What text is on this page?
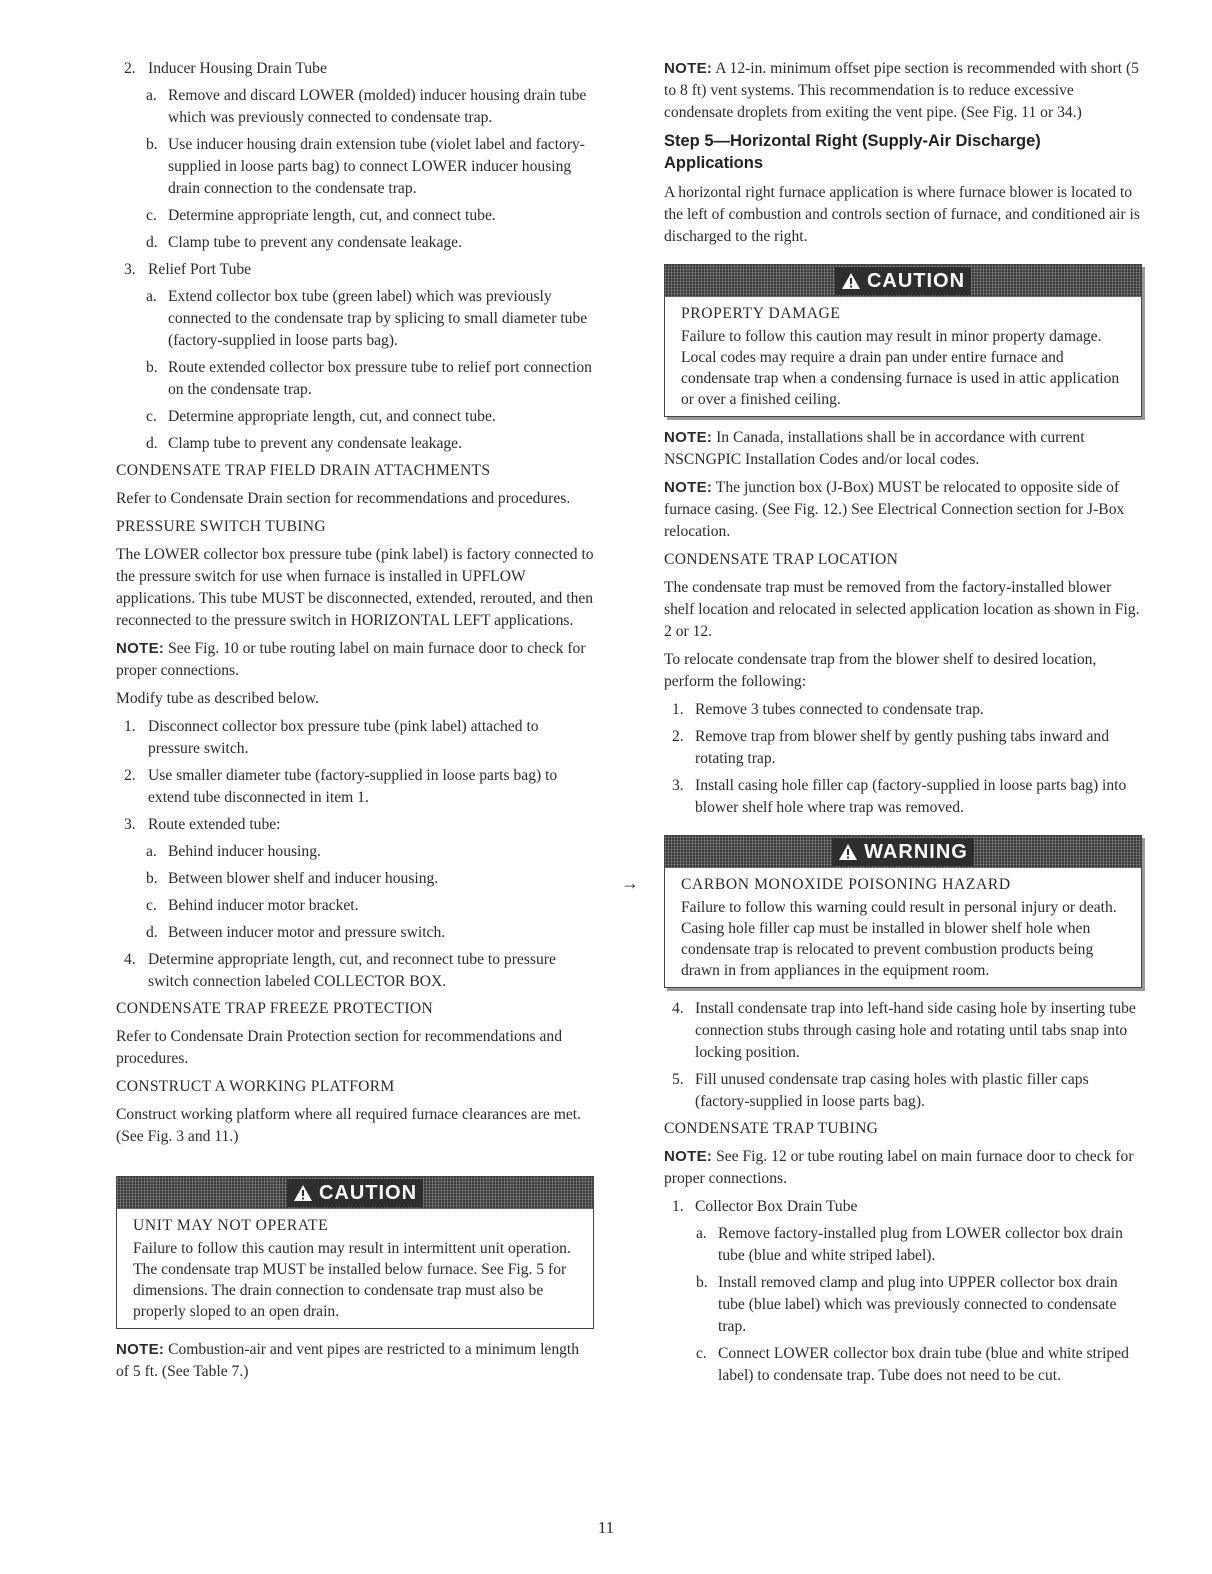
2. Inducer Housing Drain Tube
a. Remove and discard LOWER (molded) inducer housing drain tube which was previously connected to condensate trap.
b. Use inducer housing drain extension tube (violet label and factory-supplied in loose parts bag) to connect LOWER inducer housing drain connection to the condensate trap.
c. Determine appropriate length, cut, and connect tube.
d. Clamp tube to prevent any condensate leakage.
3. Relief Port Tube
a. Extend collector box tube (green label) which was previously connected to the condensate trap by splicing to small diameter tube (factory-supplied in loose parts bag).
b. Route extended collector box pressure tube to relief port connection on the condensate trap.
c. Determine appropriate length, cut, and connect tube.
d. Clamp tube to prevent any condensate leakage.
CONDENSATE TRAP FIELD DRAIN ATTACHMENTS

Refer to Condensate Drain section for recommendations and procedures.

PRESSURE SWITCH TUBING

The LOWER collector box pressure tube (pink label) is factory connected to the pressure switch for use when furnace is installed in UPFLOW applications. This tube MUST be disconnected, extended, rerouted, and then reconnected to the pressure switch in HORIZONTAL LEFT applications.

NOTE: See Fig. 10 or tube routing label on main furnace door to check for proper connections.

Modify tube as described below.

1. Disconnect collector box pressure tube (pink label) attached to pressure switch.
2. Use smaller diameter tube (factory-supplied in loose parts bag) to extend tube disconnected in item 1.
3. Route extended tube:
a. Behind inducer housing.
b. Between blower shelf and inducer housing.
c. Behind inducer motor bracket.
d. Between inducer motor and pressure switch.
4. Determine appropriate length, cut, and reconnect tube to pressure switch connection labeled COLLECTOR BOX.
CONDENSATE TRAP FREEZE PROTECTION

Refer to Condensate Drain Protection section for recommendations and procedures.

CONSTRUCT A WORKING PLATFORM

Construct working platform where all required furnace clearances are met. (See Fig. 3 and 11.)

CAUTION
UNIT MAY NOT OPERATE

Failure to follow this caution may result in intermittent unit operation.

The condensate trap MUST be installed below furnace. See Fig. 5 for dimensions. The drain connection to condensate trap must also be properly sloped to an open drain.

NOTE: Combustion-air and vent pipes are restricted to a minimum length of 5 ft. (See Table 7.)

NOTE: A 12-in. minimum offset pipe section is recommended with short (5 to 8 ft) vent systems. This recommendation is to reduce excessive condensate droplets from exiting the vent pipe. (See Fig. 11 or 34.)

Step 5—Horizontal Right (Supply-Air Discharge) Applications

A horizontal right furnace application is where furnace blower is located to the left of combustion and controls section of furnace, and conditioned air is discharged to the right.

CAUTION
PROPERTY DAMAGE

Failure to follow this caution may result in minor property damage.

Local codes may require a drain pan under entire furnace and condensate trap when a condensing furnace is used in attic application or over a finished ceiling.

NOTE: In Canada, installations shall be in accordance with current NSCNGPIC Installation Codes and/or local codes.

NOTE: The junction box (J-Box) MUST be relocated to opposite side of furnace casing. (See Fig. 12.) See Electrical Connection section for J-Box relocation.

CONDENSATE TRAP LOCATION

The condensate trap must be removed from the factory-installed blower shelf location and relocated in selected application location as shown in Fig. 2 or 12.

To relocate condensate trap from the blower shelf to desired location, perform the following:

1. Remove 3 tubes connected to condensate trap.
2. Remove trap from blower shelf by gently pushing tabs inward and rotating trap.
3. Install casing hole filler cap (factory-supplied in loose parts bag) into blower shelf hole where trap was removed.
→
WARNING
CARBON MONOXIDE POISONING HAZARD

Failure to follow this warning could result in personal injury or death.

Casing hole filler cap must be installed in blower shelf hole when condensate trap is relocated to prevent combustion products being drawn in from appliances in the equipment room.

4. Install condensate trap into left-hand side casing hole by inserting tube connection stubs through casing hole and rotating until tabs snap into locking position.
5. Fill unused condensate trap casing holes with plastic filler caps (factory-supplied in loose parts bag).
CONDENSATE TRAP TUBING

NOTE: See Fig. 12 or tube routing label on main furnace door to check for proper connections.

1. Collector Box Drain Tube
a. Remove factory-installed plug from LOWER collector box drain tube (blue and white striped label).
b. Install removed clamp and plug into UPPER collector box drain tube (blue label) which was previously connected to condensate trap.
c. Connect LOWER collector box drain tube (blue and white striped label) to condensate trap. Tube does not need to be cut.
11
